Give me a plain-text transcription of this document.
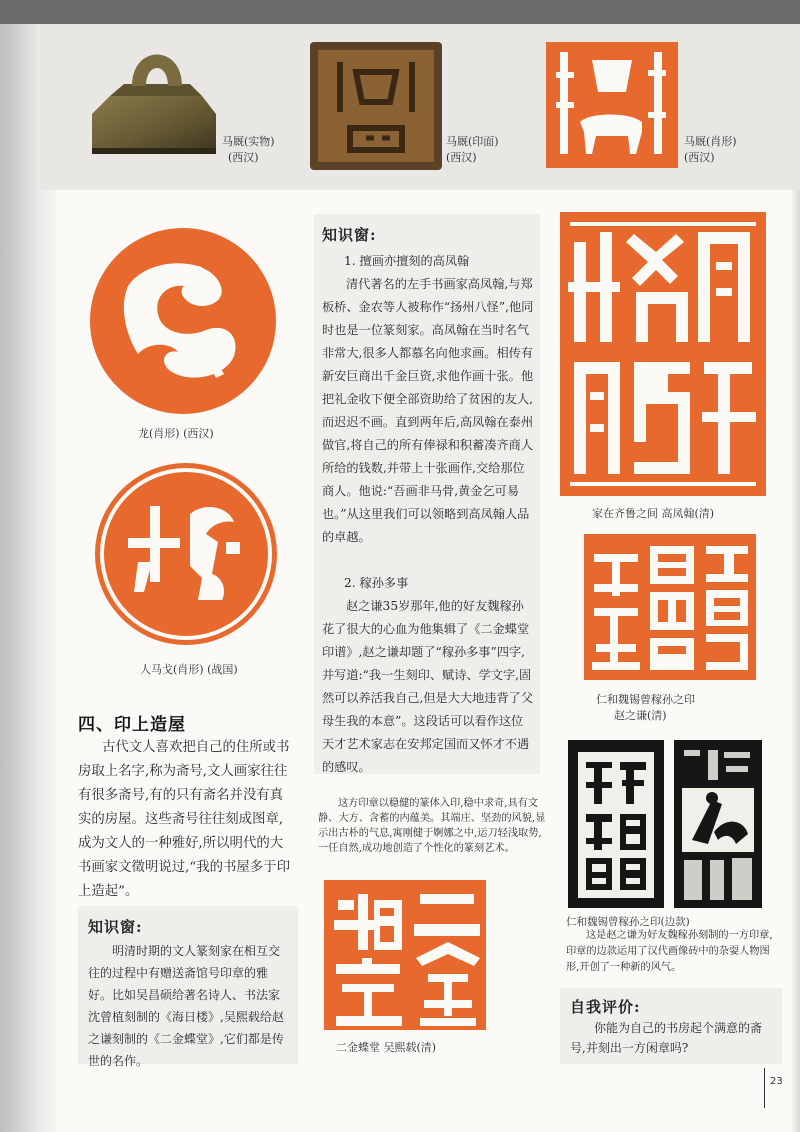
马厩(实物)
(西汉)
马厩(印面)
(西汉)
马厩(肖形)
(西汉)
龙(肖形) (西汉)
人马戈(肖形) (战国)
四、印上造屋
古代文人喜欢把自己的住所或书房取上名字,称为斋号,文人画家往往有很多斋号,有的只有斋名并没有真实的房屋。这些斋号往往刻成图章,成为文人的一种雅好,所以明代的大书画家文徵明说过,“我的书屋多于印上造起”。
知识窗:
明清时期的文人篆刻家在相互交往的过程中有赠送斋馆号印章的雅好。比如吴昌硕给著名诗人、书法家沈曾植刻制的《海日楼》,吴熙载给赵之谦刻制的《二金蝶堂》,它们都是传世的名作。
知识窗:
1. 擅画亦擅刻的高凤翰
清代著名的左手书画家高凤翰,与郑板桥、金农等人被称作“扬州八怪”,他同时也是一位篆刻家。高凤翰在当时名气非常大,很多人都慕名向他求画。相传有新安巨商出千金巨资,求他作画十张。他把礼金收下便全部资助给了贫困的友人,而迟迟不画。直到两年后,高凤翰在泰州做官,将自己的所有俸禄和积蓄凑齐商人所给的钱数,并带上十张画作,交给那位商人。他说:“吾画非马骨,黄金乞可易也。”从这里我们可以领略到高凤翰人品的卓越。
2. 稼孙多事
赵之谦35岁那年,他的好友魏稼孙花了很大的心血为他集辑了《二金蝶堂印谱》,赵之谦却题了“稼孙多事”四字,并写道:“我一生刻印、赋诗、学文字,固然可以养活我自己,但是大大地违背了父母生我的本意”。这段话可以看作这位天才艺术家志在安邦定国而又怀才不遇的感叹。
这方印章以稳健的篆体入印,稳中求奇,具有文静、大方、含蓄的内蕴美。其端庄、坚劲的风貌,显示出古朴的气息,寓刚健于婀娜之中,运刀轻浅取势,一任自然,成功地创造了个性化的篆刻艺术。
二金蝶堂 吴熙载(清)
家在齐鲁之间 高凤翰(清)
仁和魏锡曾稼孙之印
赵之谦(清)
仁和魏锡曾稼孙之印(边款)
这是赵之谦为好友魏稼孙刻制的一方印章,印章的边款运用了汉代画像砖中的杂耍人物图形,开创了一种新的风气。
自我评价:
你能为自己的书房起个满意的斋号,并刻出一方闲章吗?
23
